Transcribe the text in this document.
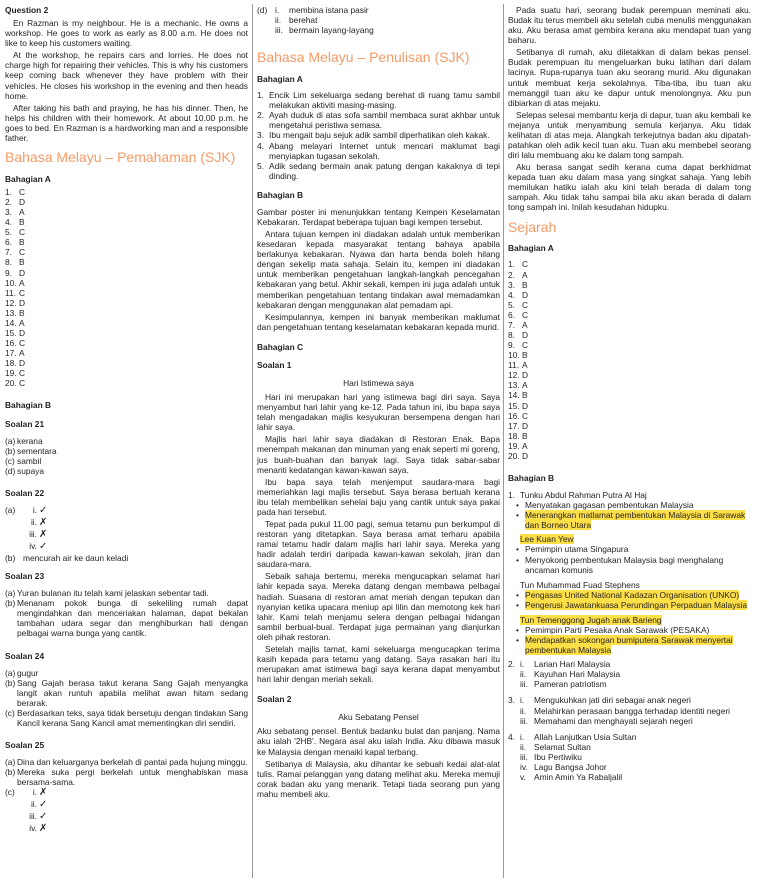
Question 2

En Razman is my neighbour. He is a mechanic. He owns a workshop. He goes to work as early as 8.00 a.m. He does not like to keep his customers waiting.

At the workshop, he repairs cars and lorries. He does not charge high for repairing their vehicles. This is why his customers keep coming back whenever they have problem with their vehicles. He closes his workshop in the evening and then heads home.

After taking his bath and praying, he has his dinner. Then, he helps his children with their homework. At about 10.00 p.m. he goes to bed. En Razman is a hardworking man and a responsible father.

Bahasa Melayu – Pemahaman (SJK)
Bahagian A
1. C
2. D
3. A
4. B
5. C
6. B
7. C
8. B
9. D
10. A
11. C
12. D
13. B
14. A
15. D
16. C
17. A
18. D
19. C
20. C
Bahagian B
Soalan 21
(a) kerana
(b) sementara
(c) sambil
(d) supaya
Soalan 22
(a)	i. ✓
ii. ✗
iii. ✗
iv. ✓
(b) mencurah air ke daun keladi
Soalan 23
(a) Yuran bulanan itu telah kami jelaskan sebentar tadi.
(b) Menanam pokok bunga di sekeliling rumah dapat mengindahkan dan menceriakan halaman, dapat bekalan tambahan udara segar dan menghiburkan hati dengan pelbagai warna bunga yang cantik.
Soalan 24
(a) gugur
(b) Sang Gajah berasa takut kerana Sang Gajah menyangka langit akan runtuh apabila melihat awan hitam sedang berarak.
(c) Berdasarkan teks, saya tidak bersetuju dengan tindakan Sang Kancil kerana Sang Kancil amat mementingkan diri sendiri.
Soalan 25
(a) Dina dan keluarganya berkelah di pantai pada hujung minggu.
(b) Mereka suka pergi berkelah untuk menghabiskan masa bersama-sama.
(c)	i. ✗
ii. ✓
iii. ✓
iv. ✗
(d) i.	membina istana pasir
ii. berehat
iii. bermain layang-layang
Bahasa Melayu – Penulisan (SJK)
Bahagian A
1. Encik Lim sekeluarga sedang berehat di ruang tamu sambil melakukan aktiviti masing-masing.
2. Ayah duduk di atas sofa sambil membaca surat akhbar untuk mengetahui peristiwa semasa.
3. Ibu mengait baju sejuk adik sambil diperhatikan oleh kakak.
4. Abang melayari Internet untuk mencari maklumat bagi menyiapkan tugasan sekolah.
5. Adik sedang bermain anak patung dengan kakaknya di tepi dinding.
Bahagian B

Gambar poster ini menunjukkan tentang Kempen Keselamatan Kebakaran. Terdapat beberapa tujuan bagi kempen tersebut.

Antara tujuan kempen ini diadakan adalah untuk memberikan kesedaran kepada masyarakat tentang bahaya apabila berlakunya kebakaran. Nyawa dan harta benda boleh hilang dengan sekelip mata sahaja. Selain itu, kempen ini diadakan untuk memberikan pengetahuan langkah-langkah pencegahan kebakaran yang betul. Akhir sekali, kempen ini juga adalah untuk memberikan pengetahuan tentang tindakan awal memadamkan kebakaran dengan menggunakan alat pemadam api.

Kesimpulannya, kempen ini banyak memberikan maklumat dan pengetahuan tentang keselamatan kebakaran kepada murid.

Bahagian C
Soalan 1
Hari Istimewa saya

Hari ini merupakan hari yang istimewa bagi diri saya. Saya menyambut hari lahir yang ke-12. Pada tahun ini, ibu bapa saya telah mengadakan majlis kesyukuran bersempena dengan hari lahir saya.

Majlis hari lahir saya diadakan di Restoran Enak. Bapa menempah makanan dan minuman yang enak seperti mi goreng, jus buah-buahan dan banyak lagi. Saya tidak sabar-sabar menanti kedatangan kawan-kawan saya.

Ibu bapa saya telah menjemput saudara-mara bagi memeriahkan lagi majlis tersebut. Saya berasa bertuah kerana ibu telah membelikan sehelai baju yang cantik untuk saya pakai pada hari tersebut.

Tepat pada pukul 11.00 pagi, semua tetamu pun berkumpul di restoran yang ditetapkan. Saya berasa amat terharu apabila ramai tetamu hadir dalam majlis hari lahir saya. Mereka yang hadir adalah terdiri daripada kawan-kawan sekolah, jiran dan saudara-mara.

Sebaik sahaja bertemu, mereka mengucapkan selamat hari lahir kepada saya. Mereka datang dengan membawa pelbagai hadiah. Suasana di restoran amat meriah dengan tepukan dan nyanyian ketika upacara meniup api lilin dan memotong kek hari lahir. Kami telah menjamu selera dengan pelbagai hidangan sambil berbual-bual. Terdapat juga permainan yang dianjurkan oleh pihak restoran.

Setelah majlis tamat, kami sekeluarga mengucapkan terima kasih kepada para tetamu yang datang. Saya rasakan hari itu merupakan amat istimewa bagi saya kerana dapat menyambut hari lahir dengan meriah sekali.

Soalan 2
Aku Sebatang Pensel

Aku sebatang pensel. Bentuk badanku bulat dan panjang. Nama aku ialah '2HB'. Negara asal aku ialah India. Aku dibawa masuk ke Malaysia dengan menaiki kapal terbang.

Setibanya di Malaysia, aku dihantar ke sebuah kedai alat-alat tulis. Ramai pelanggan yang datang melihat aku. Mereka memuji corak badan aku yang menarik. Tetapi tiada seorang pun yang mahu membeli aku.

Pada suatu hari, seorang budak perempuan meminati aku. Budak itu terus membeli aku setelah cuba menulis menggunakan aku. Aku berasa amat gembira kerana aku mendapat tuan yang baharu.

Setibanya di rumah, aku diletakkan di dalam bekas pensel. Budak perempuan itu mengeluarkan buku latihan dari dalam lacinya. Rupa-rupanya tuan aku seorang murid. Aku digunakan untuk membuat kerja sekolahnya. Tiba-tiba, ibu tuan aku memanggil tuan aku ke dapur untuk menolongnya. Aku pun dibiarkan di atas mejaku.

Selepas selesai membantu kerja di dapur, tuan aku kembali ke mejanya untuk menyambung semula kerjanya. Aku tidak kelihatan di atas meja. Alangkah terkejutnya badan aku dipatah-patahkan oleh adik kecil tuan aku. Tuan aku membebel seorang diri lalu membuang aku ke dalam tong sampah.

Aku berasa sangat sedih kerana cuma dapat berkhidmat kepada tuan aku dalam masa yang singkat sahaja. Yang lebih memilukan hatiku ialah aku kini telah berada di dalam tong sampah. Aku tidak tahu sampai bila aku akan berada di dalam tong sampah ini. Inilah kesudahan hidupku.

Sejarah
Bahagian A
1. C
2. A
3. B
4. D
5. C
6. C
7. A
8. D
9. C
10. B
11. A
12. D
13. A
14. B
15. D
16. C
17. D
18. B
19. A
20. D
Bahagian B
1. Tunku Abdul Rahman Putra Al Haj
• Menyatakan gagasan pembentukan Malaysia
• Menerangkan matlamat pembentukan Malaysia di Sarawak dan Borneo Utara
Lee Kuan Yew
• Pemimpin utama Singapura
• Menyokong pembentukan Malaysia bagi menghalang ancaman komunis
Tun Muhammad Fuad Stephens
• Pengasas United National Kadazan Organisation (UNKO)
• Pengerusi Jawatankuasa Perundingan Perpaduan Malaysia
Tun Temenggong Jugah anak Barieng
• Pemimpin Parti Pesaka Anak Sarawak (PESAKA)
• Mendapatkan sokongan bumiputera Sarawak menyertai pembentukan Malaysia
2. i.	Larian Hari Malaysia
ii. Kayuhan Hari Malaysia
iii. Pameran patriotism
3. i.	Mengukuhkan jati diri sebagai anak negeri
ii. Melahirkan perasaan bangga terhadap identiti negeri
iii. Memahami dan menghayati sejarah negeri
4. i.	Allah Lanjutkan Usia Sultan
ii. Selamat Sultan
iii. Ibu Pertiwiku
iv. Lagu Bangsa Johor
v. Amin Amin Ya Rabaljalil
